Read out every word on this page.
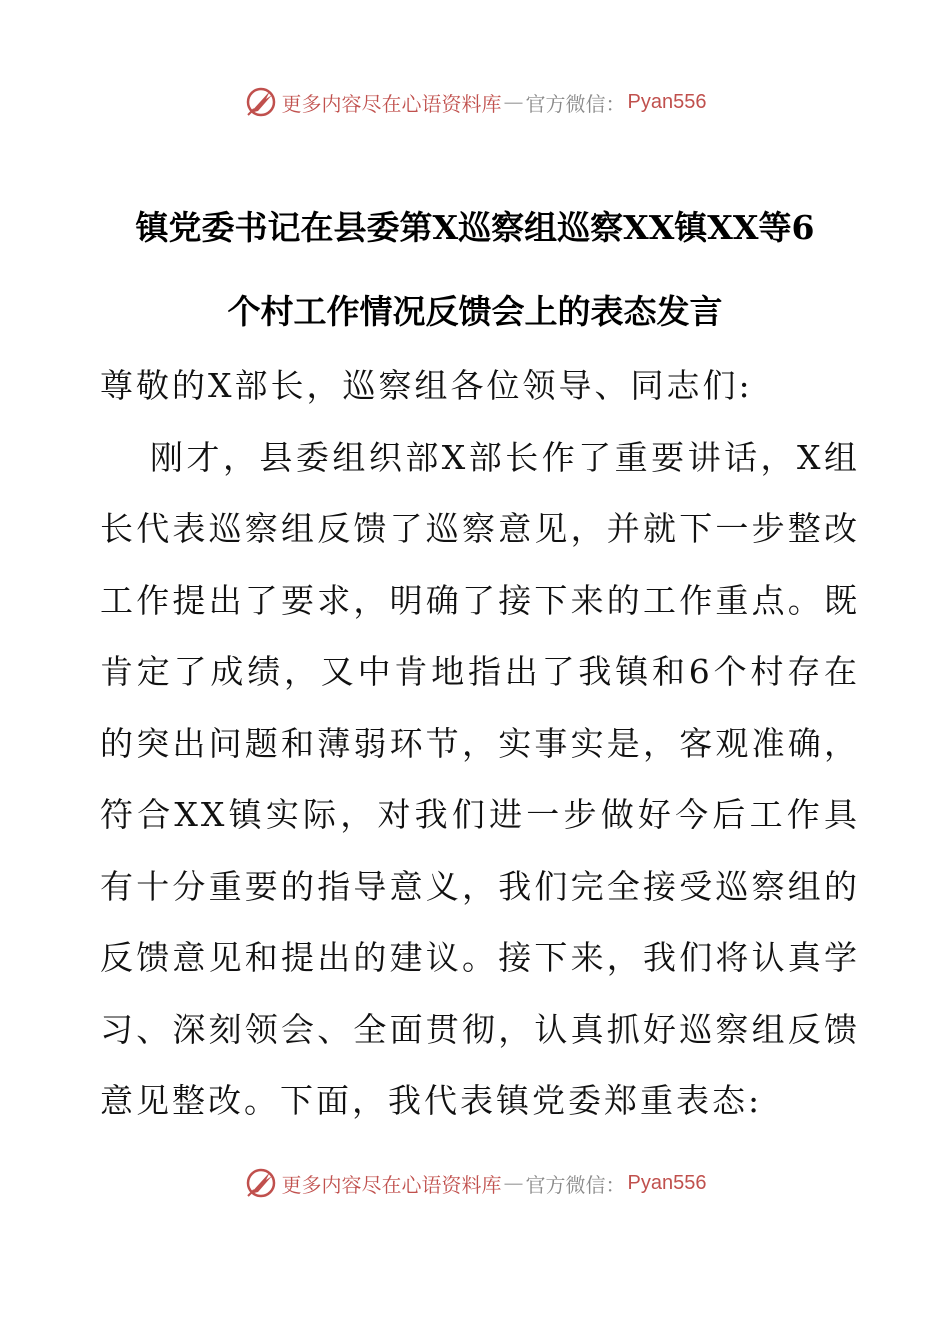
更多内容尽在心语资料库 — 官方微信： Pyan556
镇党委书记在县委第X巡察组巡察XX镇XX等6
个村工作情况反馈会上的表态发言

尊敬的X部长，巡察组各位领导、同志们:

刚才，县委组织部X部长作了重要讲话，X组长代表巡察组反馈了巡察意见，并就下一步整改工作提出了要求，明确了接下来的工作重点。既肯定了成绩，又中肯地指出了我镇和6个村存在的突出问题和薄弱环节，实事实是，客观准确，符合XX镇实际，对我们进一步做好今后工作具有十分重要的指导意义，我们完全接受巡察组的反馈意见和提出的建议。接下来，我们将认真学习、深刻领会、全面贯彻，认真抓好巡察组反馈意见整改。下面，我代表镇党委郑重表态:

更多内容尽在心语资料库 — 官方微信： Pyan556
